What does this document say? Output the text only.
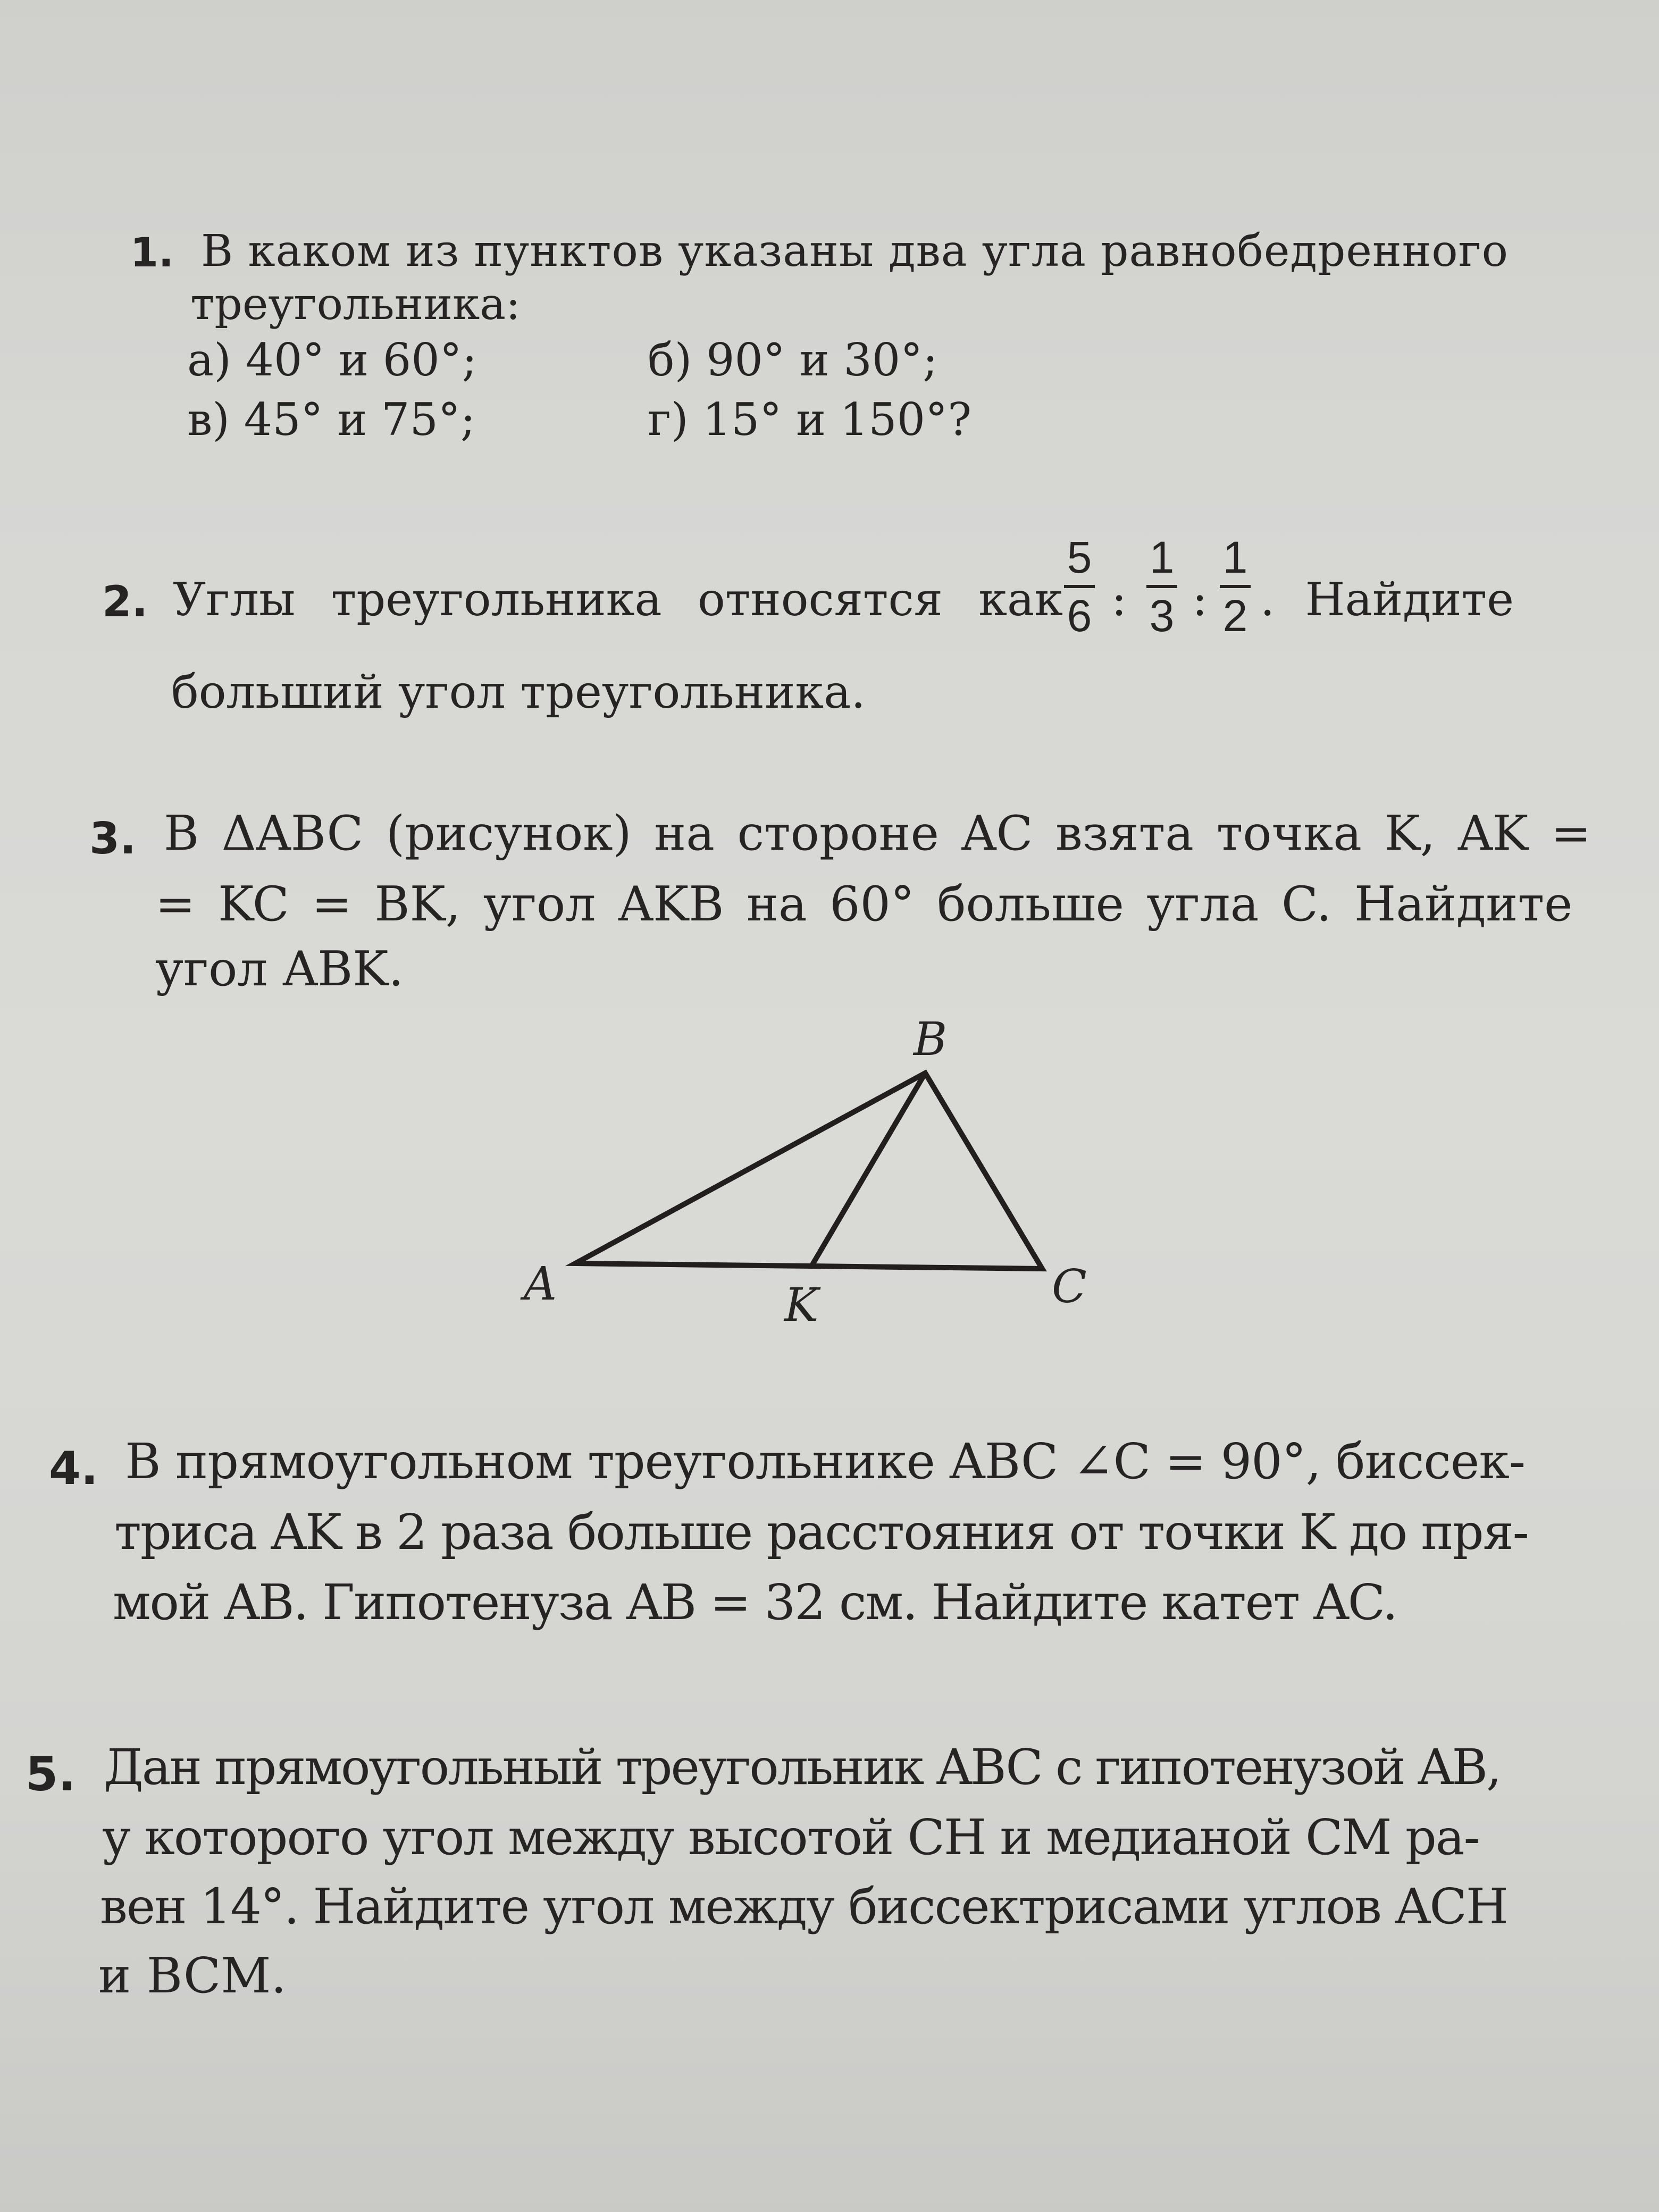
1. В каком из пунктов указаны два угла равнобедренного
треугольника:
а) 40° и 60°;	б) 90° и 30°;
в) 45° и 75°;	г) 15° и 150°?
2. Углы треугольника относятся как
5
6 :
1
3 :
1
2 . Найдите
больший угол треугольника.
3. В ΔABC (рисунок) на стороне AC взята точка K, AK =
= KC = BK, угол AKB на 60° больше угла C. Найдите
угол ABK.
B
A	K	C
4. В прямоугольном треугольнике ABC ∠C = 90°, биссек-
триса AK в 2 раза больше расстояния от точки K до пря-
мой AB. Гипотенуза AB = 32 см. Найдите катет AC.
5. Дан прямоугольный треугольник ABC с гипотенузой AB,
у которого угол между высотой CH и медианой CM ра-
вен 14°. Найдите угол между биссектрисами углов ACH
и BCM.
